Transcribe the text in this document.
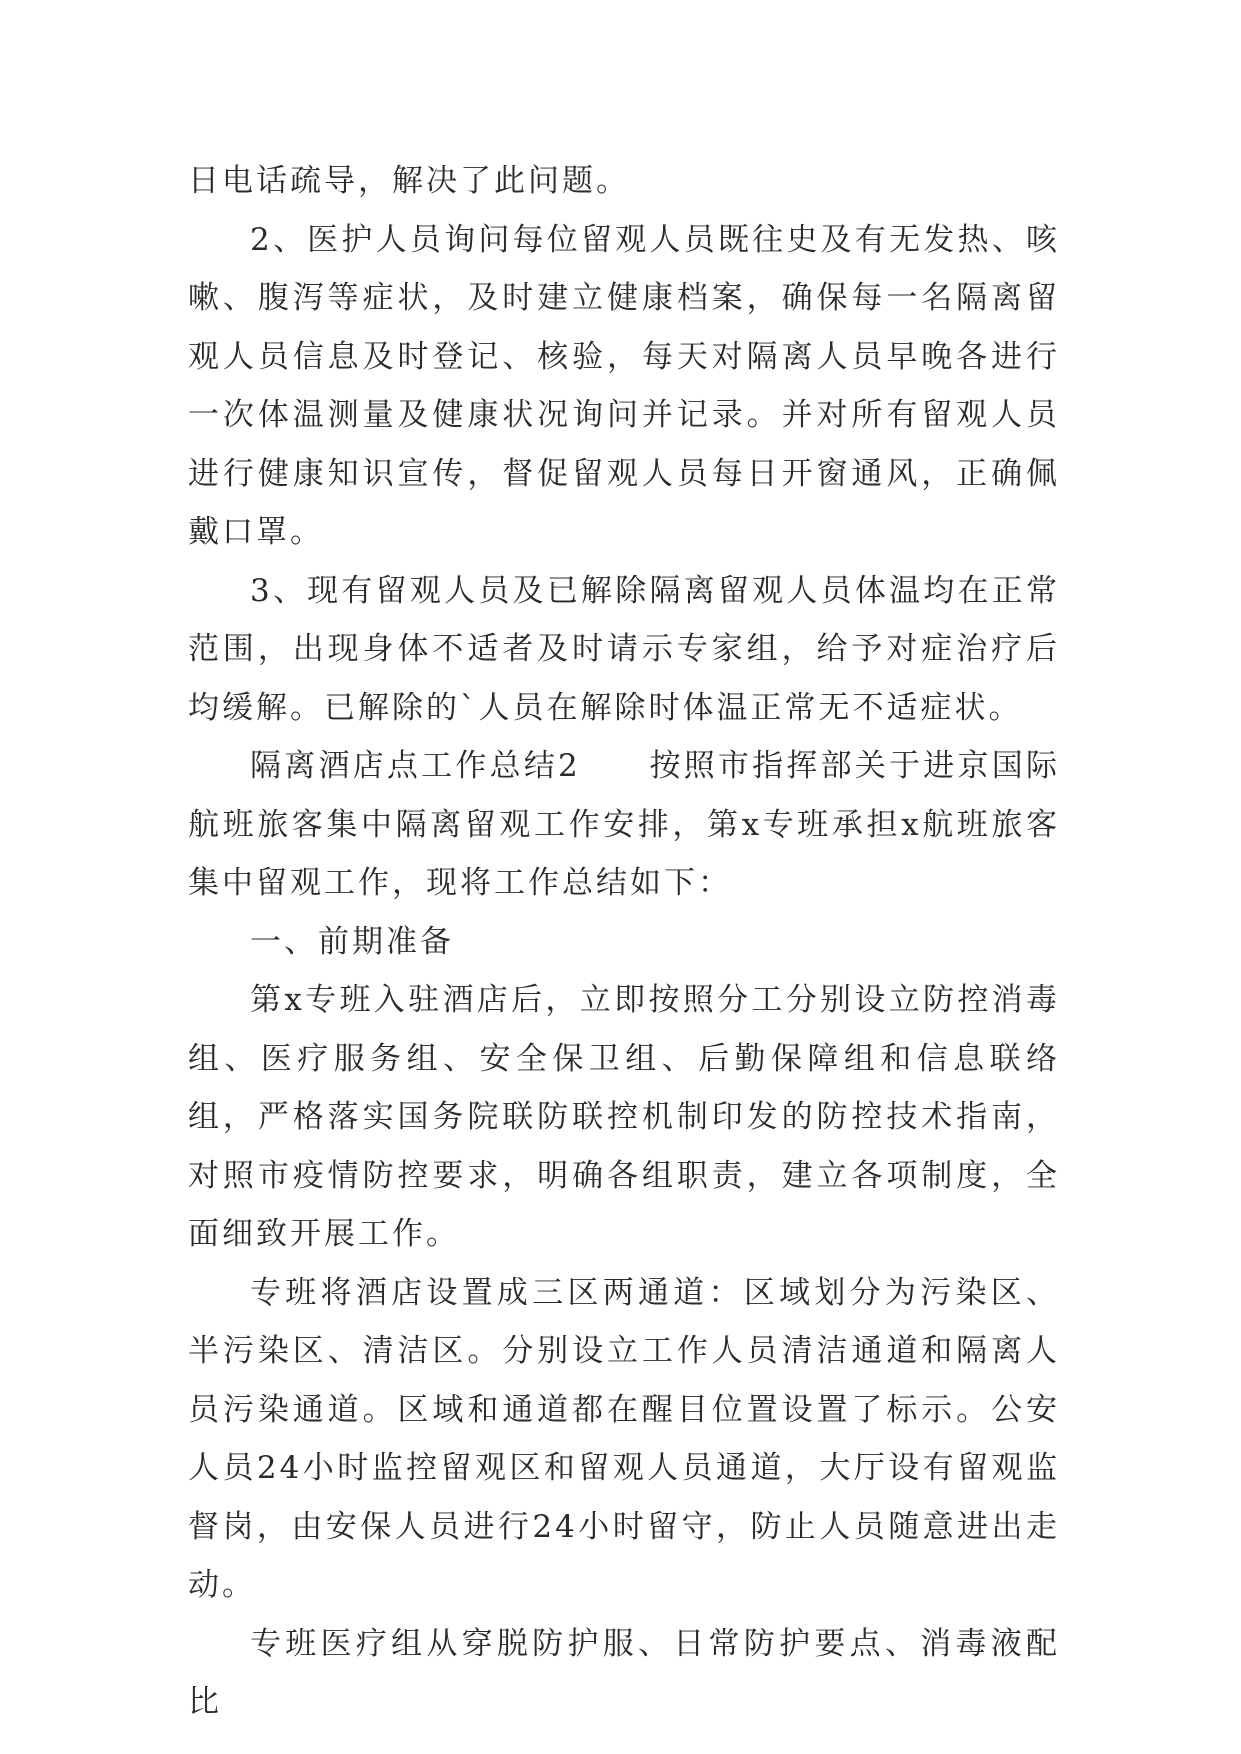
日电话疏导，解决了此问题。

2、医护人员询问每位留观人员既往史及有无发热、咳嗽、腹泻等症状，及时建立健康档案，确保每一名隔离留观人员信息及时登记、核验，每天对隔离人员早晚各进行一次体温测量及健康状况询问并记录。并对所有留观人员进行健康知识宣传，督促留观人员每日开窗通风，正确佩戴口罩。

3、现有留观人员及已解除隔离留观人员体温均在正常范围，出现身体不适者及时请示专家组，给予对症治疗后均缓解。已解除的`人员在解除时体温正常无不适症状。

隔离酒店点工作总结2　　按照市指挥部关于进京国际航班旅客集中隔离留观工作安排，第x专班承担x航班旅客集中留观工作，现将工作总结如下：

一、前期准备

第x专班入驻酒店后，立即按照分工分别设立防控消毒组、医疗服务组、安全保卫组、后勤保障组和信息联络组，严格落实国务院联防联控机制印发的防控技术指南，对照市疫情防控要求，明确各组职责，建立各项制度，全面细致开展工作。

专班将酒店设置成三区两通道：区域划分为污染区、半污染区、清洁区。分别设立工作人员清洁通道和隔离人员污染通道。区域和通道都在醒目位置设置了标示。公安人员24小时监控留观区和留观人员通道，大厅设有留观监督岗，由安保人员进行24小时留守，防止人员随意进出走动。

专班医疗组从穿脱防护服、日常防护要点、消毒液配比
